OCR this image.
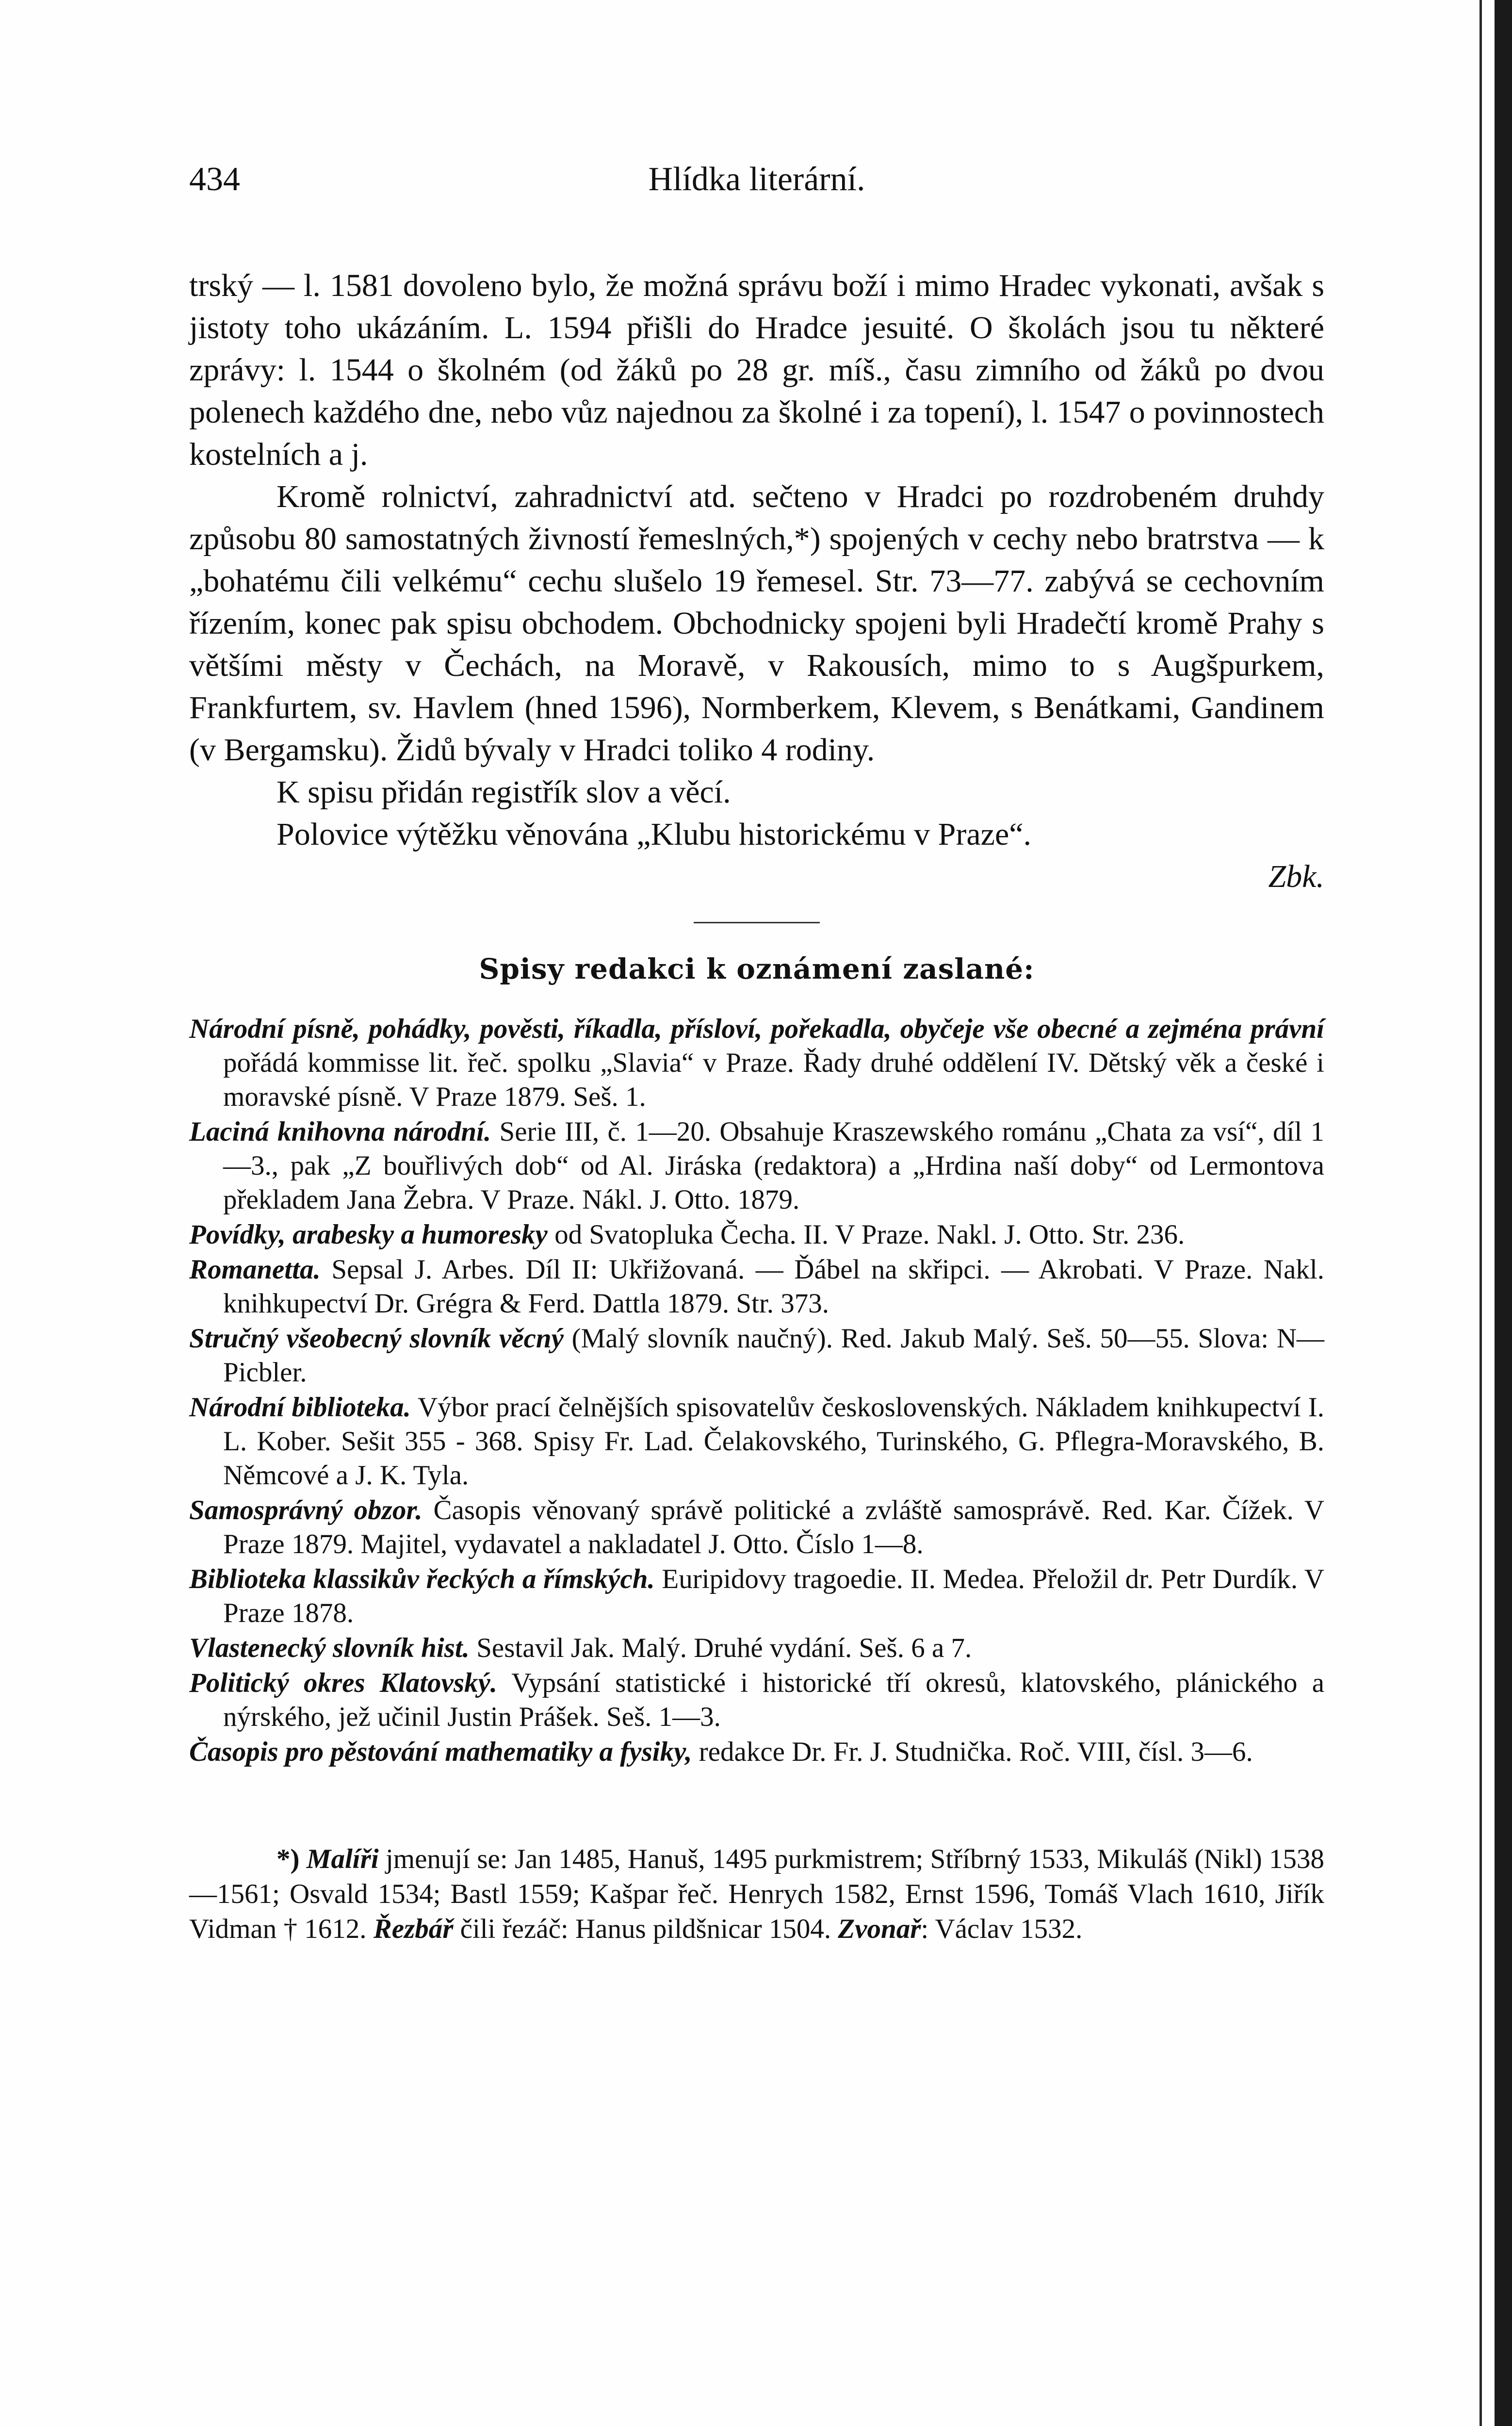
434	Hlídka literární.

trský — l. 1581 dovoleno bylo, že možná správu boží i mimo Hradec vykonati, avšak s jistoty toho ukázáním. L. 1594 přišli do Hradce jesuité. O školách jsou tu některé zprávy: l. 1544 o školném (od žáků po 28 gr. míš., času zimního od žáků po dvou polenech každého dne, nebo vůz najednou za školné i za topení), l. 1547 o povinnostech kostelních a j.

Kromě rolnictví, zahradnictví atd. sečteno v Hradci po rozdrobeném druhdy způsobu 80 samostatných živností řemeslných,*) spojených v cechy nebo bratrstva — k „bohatému čili velkému“ cechu slušelo 19 řemesel. Str. 73—77. zabývá se cechovním řízením, konec pak spisu obchodem. Obchodnicky spojeni byli Hradečtí kromě Prahy s většími městy v Čechách, na Moravě, v Rakousích, mimo to s Augšpurkem, Frankfurtem, sv. Havlem (hned 1596), Normberkem, Klevem, s Benátkami, Gandinem (v Bergamsku). Židů bývaly v Hradci toliko 4 rodiny.

K spisu přidán registřík slov a věcí.

Polovice výtěžku věnována „Klubu historickému v Praze“.

Zbk.

Spisy redakci k oznámení zaslané:

Národní písně, pohádky, pověsti, říkadla, přísloví, pořekadla, obyčeje vše obecné a zejména právní pořádá kommisse lit. řeč. spolku „Slavia“ v Praze. Řady druhé oddělení IV. Dětský věk a české i moravské písně. V Praze 1879. Seš. 1.

Laciná knihovna národní. Serie III, č. 1—20. Obsahuje Kraszewského románu „Chata za vsí“, díl 1—3., pak „Z bouřlivých dob“ od Al. Jiráska (redaktora) a „Hrdina naší doby“ od Lermontova překladem Jana Žebra. V Praze. Nákl. J. Otto. 1879.

Povídky, arabesky a humoresky od Svatopluka Čecha. II. V Praze. Nakl. J. Otto. Str. 236.

Romanetta. Sepsal J. Arbes. Díl II: Ukřižovaná. — Ďábel na skřipci. — Akrobati. V Praze. Nakl. knihkupectví Dr. Grégra & Ferd. Dattla 1879. Str. 373.

Stručný všeobecný slovník věcný (Malý slovník naučný). Red. Jakub Malý. Seš. 50—55. Slova: N—Picbler.

Národní biblioteka. Výbor prací čelnějších spisovatelův československých. Nákladem knihkupectví I. L. Kober. Sešit 355 - 368. Spisy Fr. Lad. Čelakovského, Turinského, G. Pflegra-Moravského, B. Němcové a J. K. Tyla.

Samosprávný obzor. Časopis věnovaný správě politické a zvláště samosprávě. Red. Kar. Čížek. V Praze 1879. Majitel, vydavatel a nakladatel J. Otto. Číslo 1—8.

Biblioteka klassikův řeckých a římských. Euripidovy tragoedie. II. Medea. Přeložil dr. Petr Durdík. V Praze 1878.

Vlastenecký slovník hist. Sestavil Jak. Malý. Druhé vydání. Seš. 6 a 7.

Politický okres Klatovský. Vypsání statistické i historické tří okresů, klatovského, plánického a nýrského, jež učinil Justin Prášek. Seš. 1—3.

Časopis pro pěstování mathematiky a fysiky, redakce Dr. Fr. J. Studnička. Roč. VIII, čísl. 3—6.

*) Malíři jmenují se: Jan 1485, Hanuš, 1495 purkmistrem; Stříbrný 1533, Mikuláš (Nikl) 1538—1561; Osvald 1534; Bastl 1559; Kašpar řeč. Henrych 1582, Ernst 1596, Tomáš Vlach 1610, Jiřík Vidman † 1612. Řezbář čili řezáč: Hanus pildšnicar 1504. Zvonař: Václav 1532.
